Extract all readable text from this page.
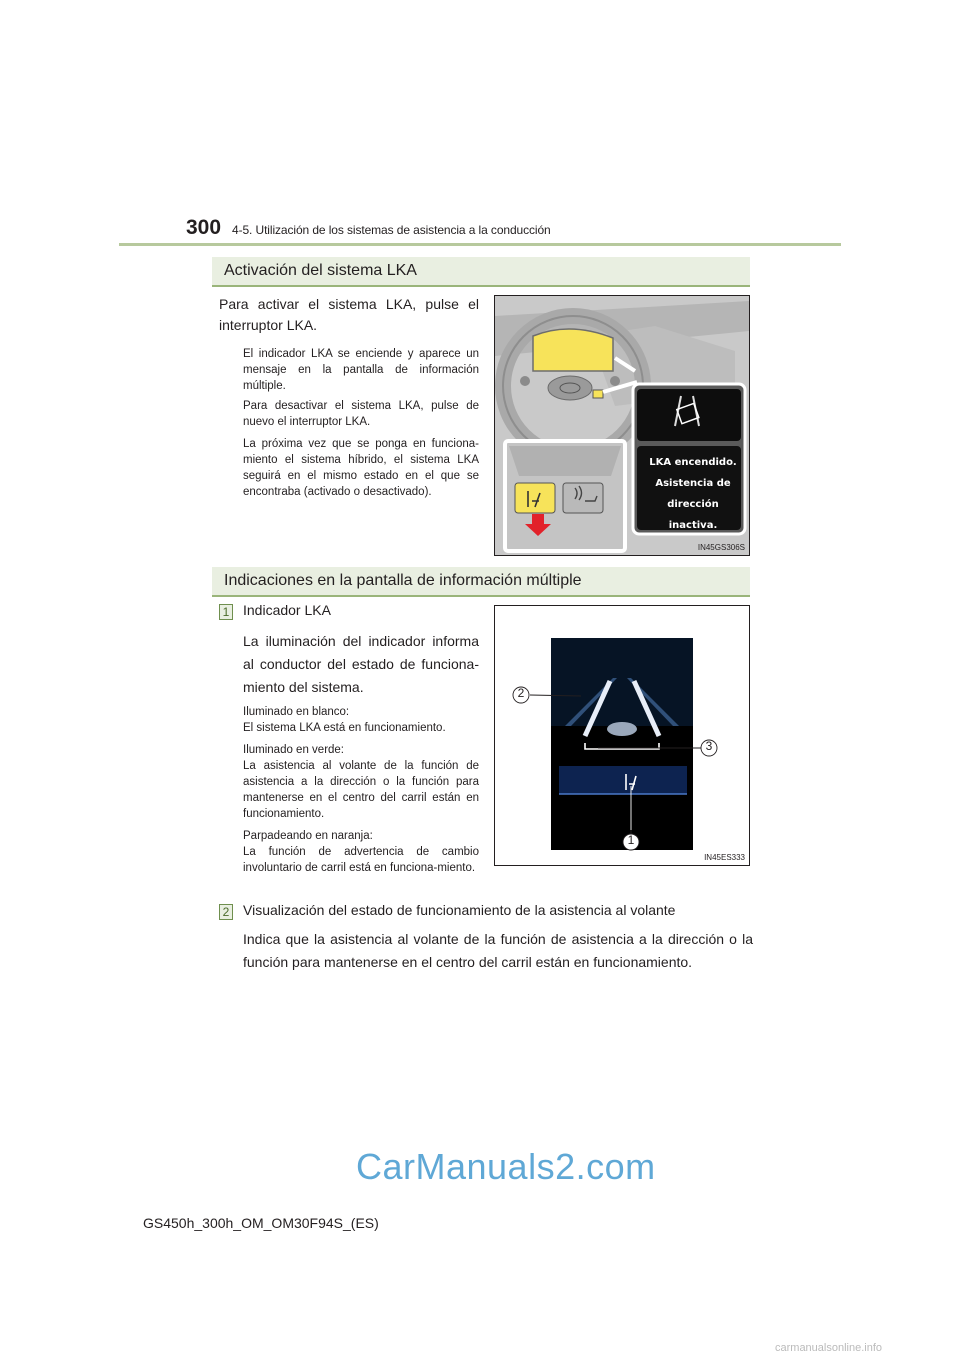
300 4-5. Utilización de los sistemas de asistencia a la conducción
Activación del sistema LKA
Para activar el sistema LKA, pulse el interruptor LKA.
El indicador LKA se enciende y aparece un mensaje en la pantalla de información múltiple.
Para desactivar el sistema LKA, pulse de nuevo el interruptor LKA.
La próxima vez que se ponga en funciona-miento el sistema híbrido, el sistema LKA seguirá en el mismo estado en el que se encontraba (activado o desactivado).
LKA encendido.
Asistencia de
dirección
inactiva.
IN45GS306S
Indicaciones en la pantalla de información múltiple
1 Indicador LKA
La iluminación del indicador informa al conductor del estado de funciona-miento del sistema.
Iluminado en blanco:
El sistema LKA está en funcionamiento.
Iluminado en verde:
La asistencia al volante de la función de asistencia a la dirección o la función para mantenerse en el centro del carril están en funcionamiento.
Parpadeando en naranja:
La función de advertencia de cambio involuntario de carril está en funciona-miento.
2
3
1
IN45ES333
2 Visualización del estado de funcionamiento de la asistencia al volante
Indica que la asistencia al volante de la función de asistencia a la dirección o la función para mantenerse en el centro del carril están en funcionamiento.
GS450h_300h_OM_OM30F94S_(ES)
CarManuals2.com
carmanualsonline.info
